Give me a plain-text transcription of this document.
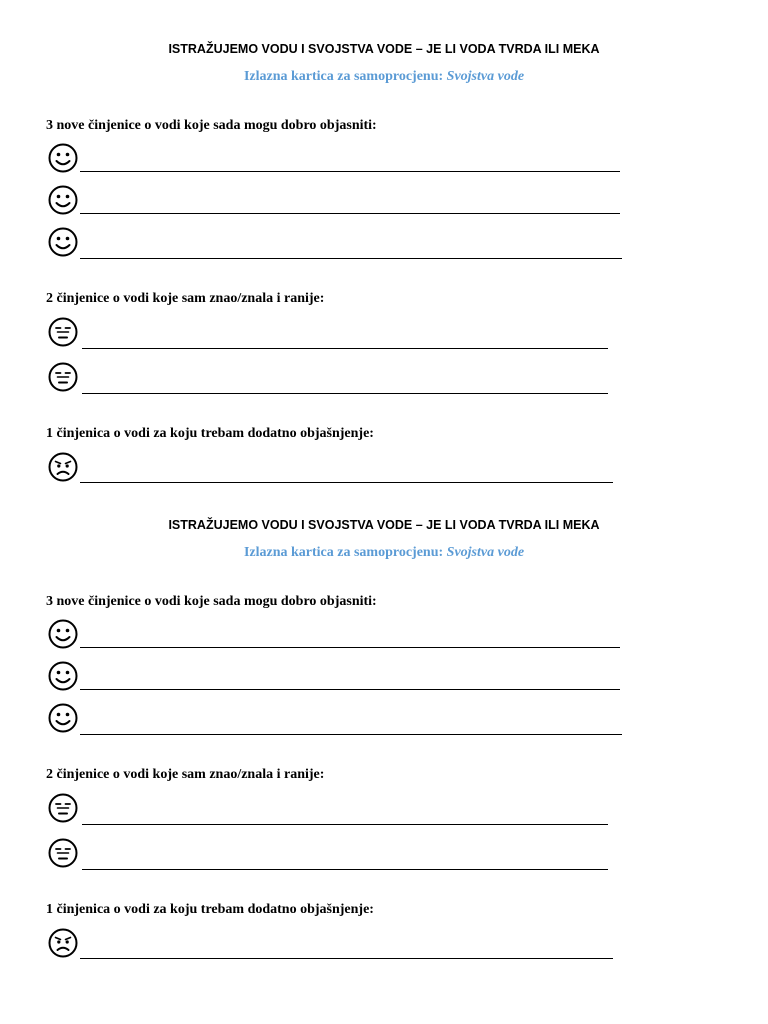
ISTRAŽUJEMO VODU I SVOJSTVA VODE – JE LI VODA TVRDA ILI MEKA
Izlazna kartica za samoprocjenu: Svojstva vode
3 nove činjenice o vodi koje sada mogu dobro objasniti:
2 činjenice o vodi koje sam znao/znala i ranije:
1 činjenica o vodi za koju trebam dodatno objašnjenje:
ISTRAŽUJEMO VODU I SVOJSTVA VODE – JE LI VODA TVRDA ILI MEKA
Izlazna kartica za samoprocjenu: Svojstva vode
3 nove činjenice o vodi koje sada mogu dobro objasniti:
2 činjenice o vodi koje sam znao/znala i ranije:
1 činjenica o vodi za koju trebam dodatno objašnjenje:
